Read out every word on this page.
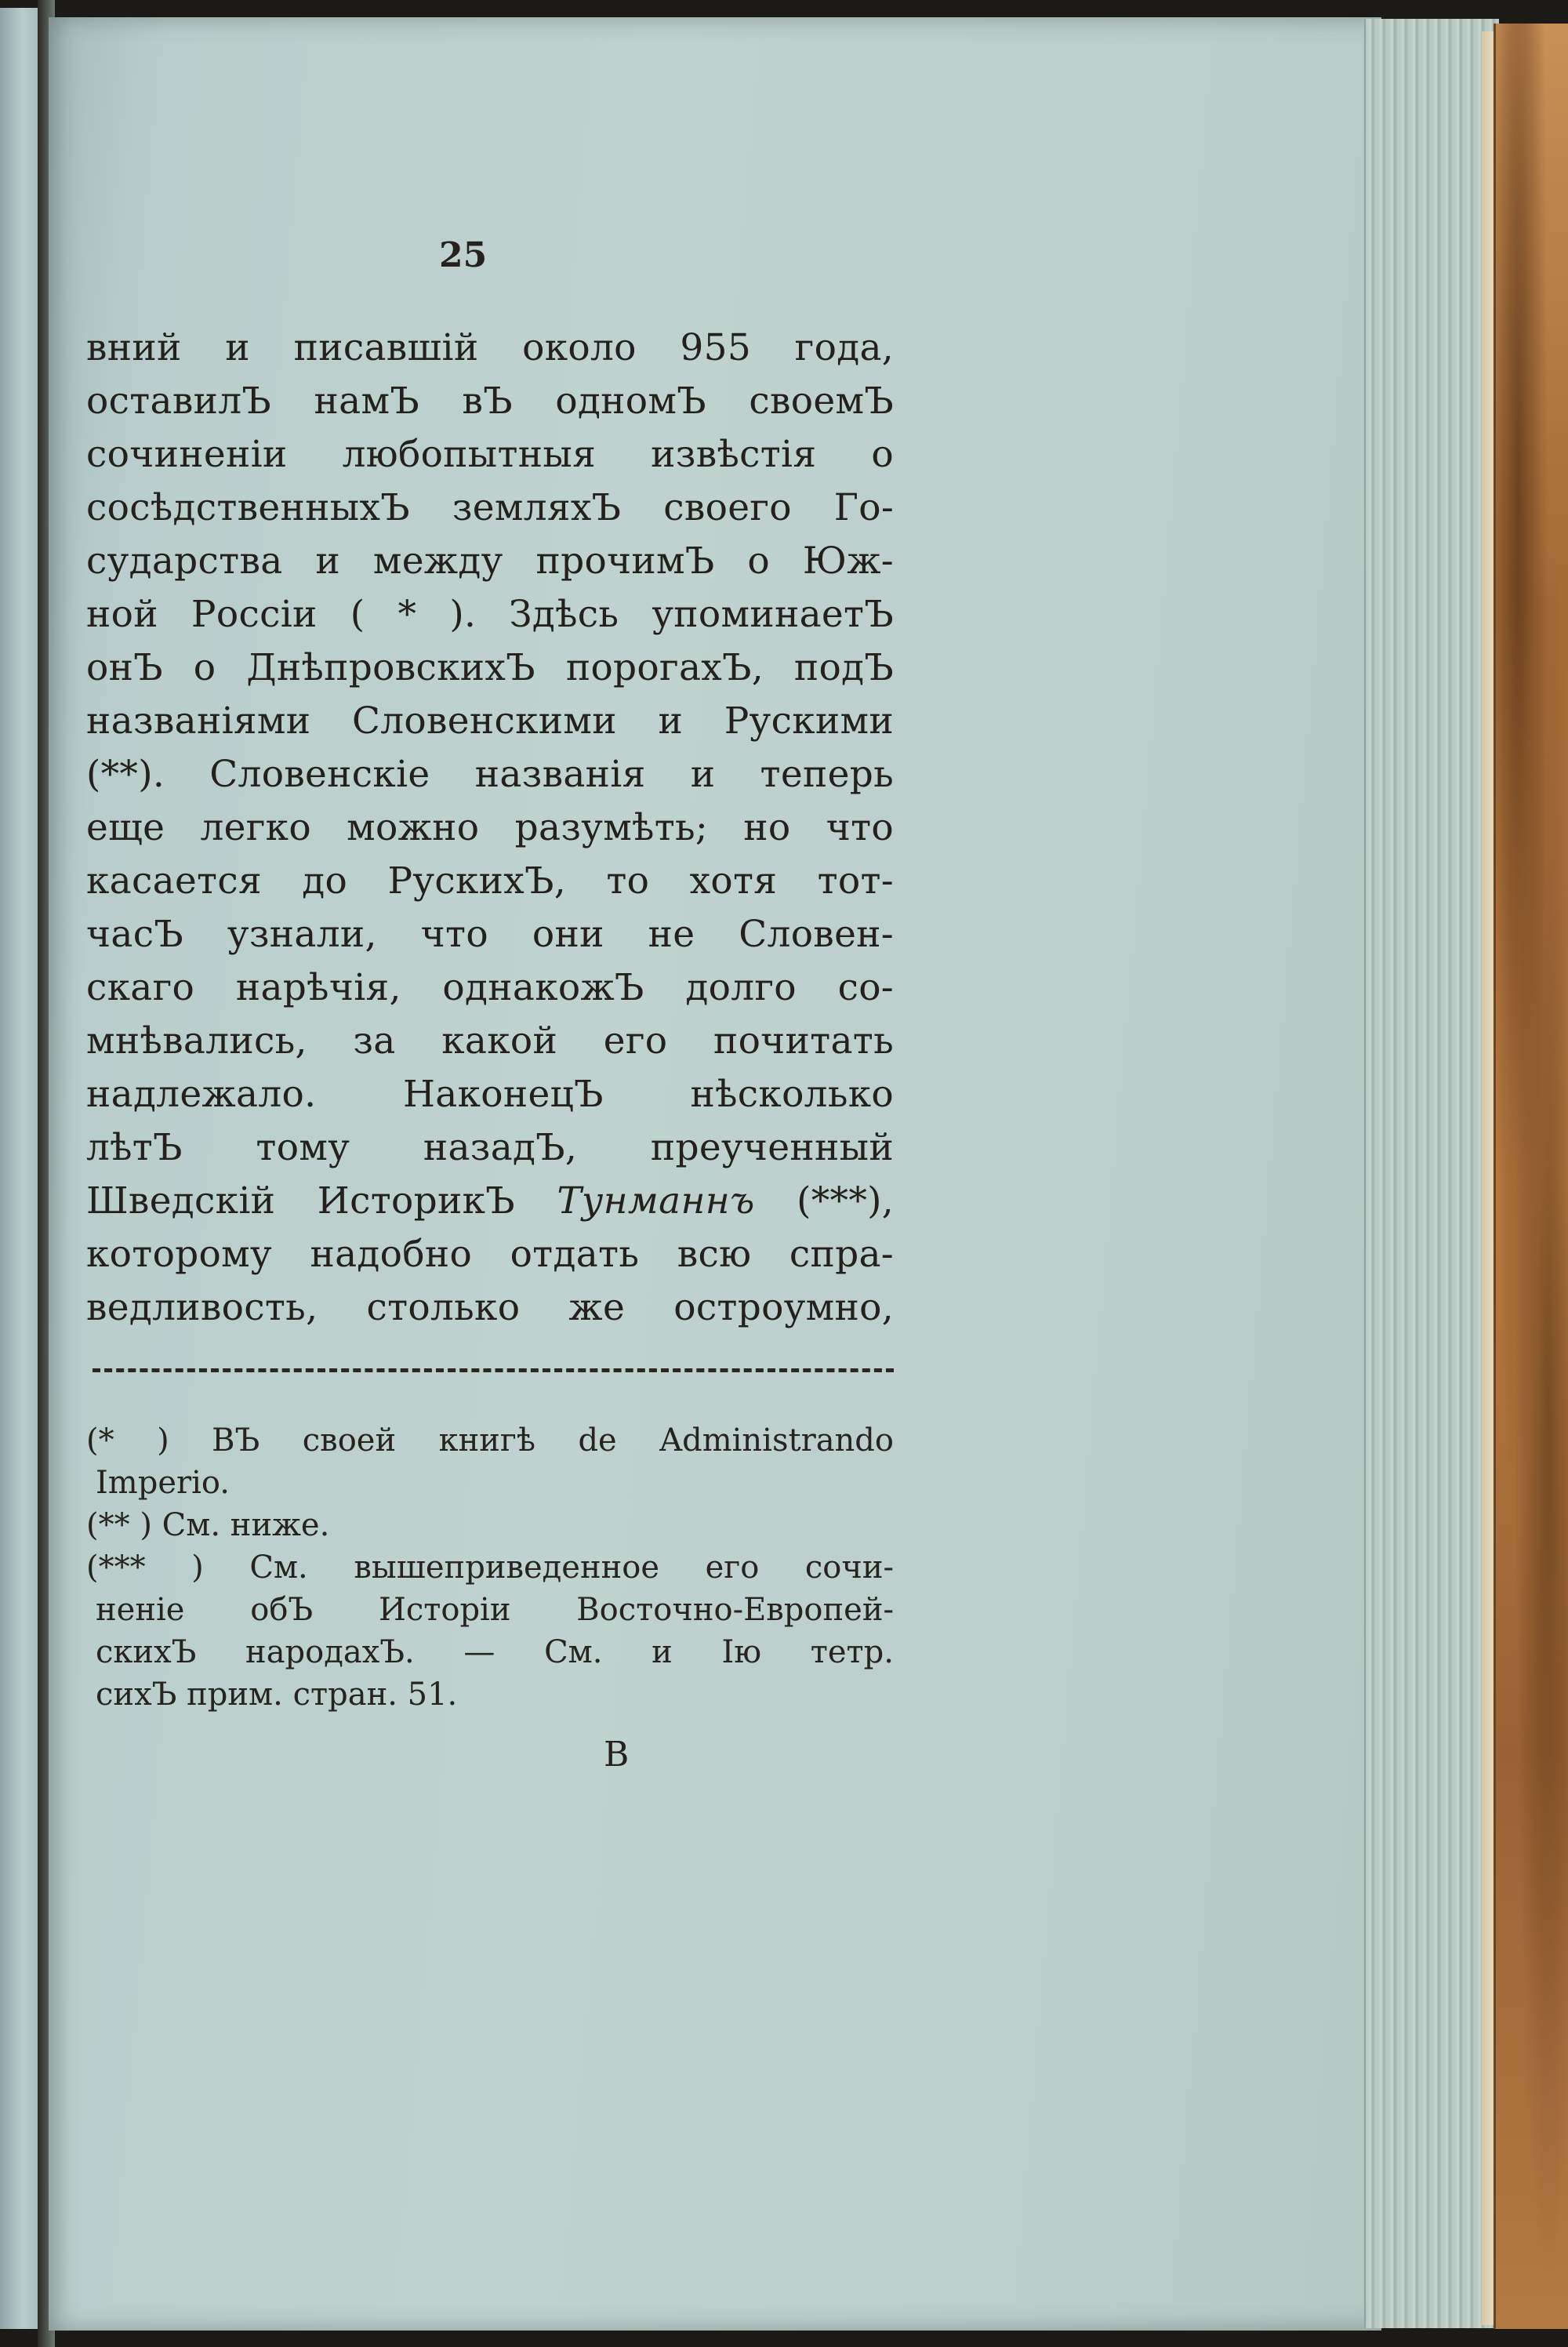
25
вний и писавшій около 955 года,
оставилЪ намЪ вЪ одномЪ своемЪ
сочиненіи любопытныя извѣстія о
сосѣдственныхЪ земляхЪ своего Го-
сударства и между прочимЪ о Юж-
ной Россіи ( * ). Здѣсь упоминаетЪ
онЪ о ДнѣпровскихЪ порогахЪ, подЪ
названіями Словенскими и Рускими
(**). Словенскіе названія и теперь
еще легко можно разумѣть; но что
касается до РускихЪ, то хотя тот-
часЪ узнали, что они не Словен-
скаго нарѣчія, однакожЪ долго со-
мнѣвались, за какой его почитать
надлежало. НаконецЪ нѣсколько
лѣтЪ тому назадЪ, преученный
Шведскій ИсторикЪ Тунманнъ (***),
которому надобно отдать всю спра-
ведливость, столько же остроумно,
(* ) ВЪ своей книгѣ de Administrando
Imperio.
(** ) См. ниже.
(*** ) См. вышеприведенное его сочи-
неніе обЪ Исторіи Восточно-Европей-
скихЪ народахЪ. — См. и Iю тетр.
сихЪ прим. стран. 51.
В
